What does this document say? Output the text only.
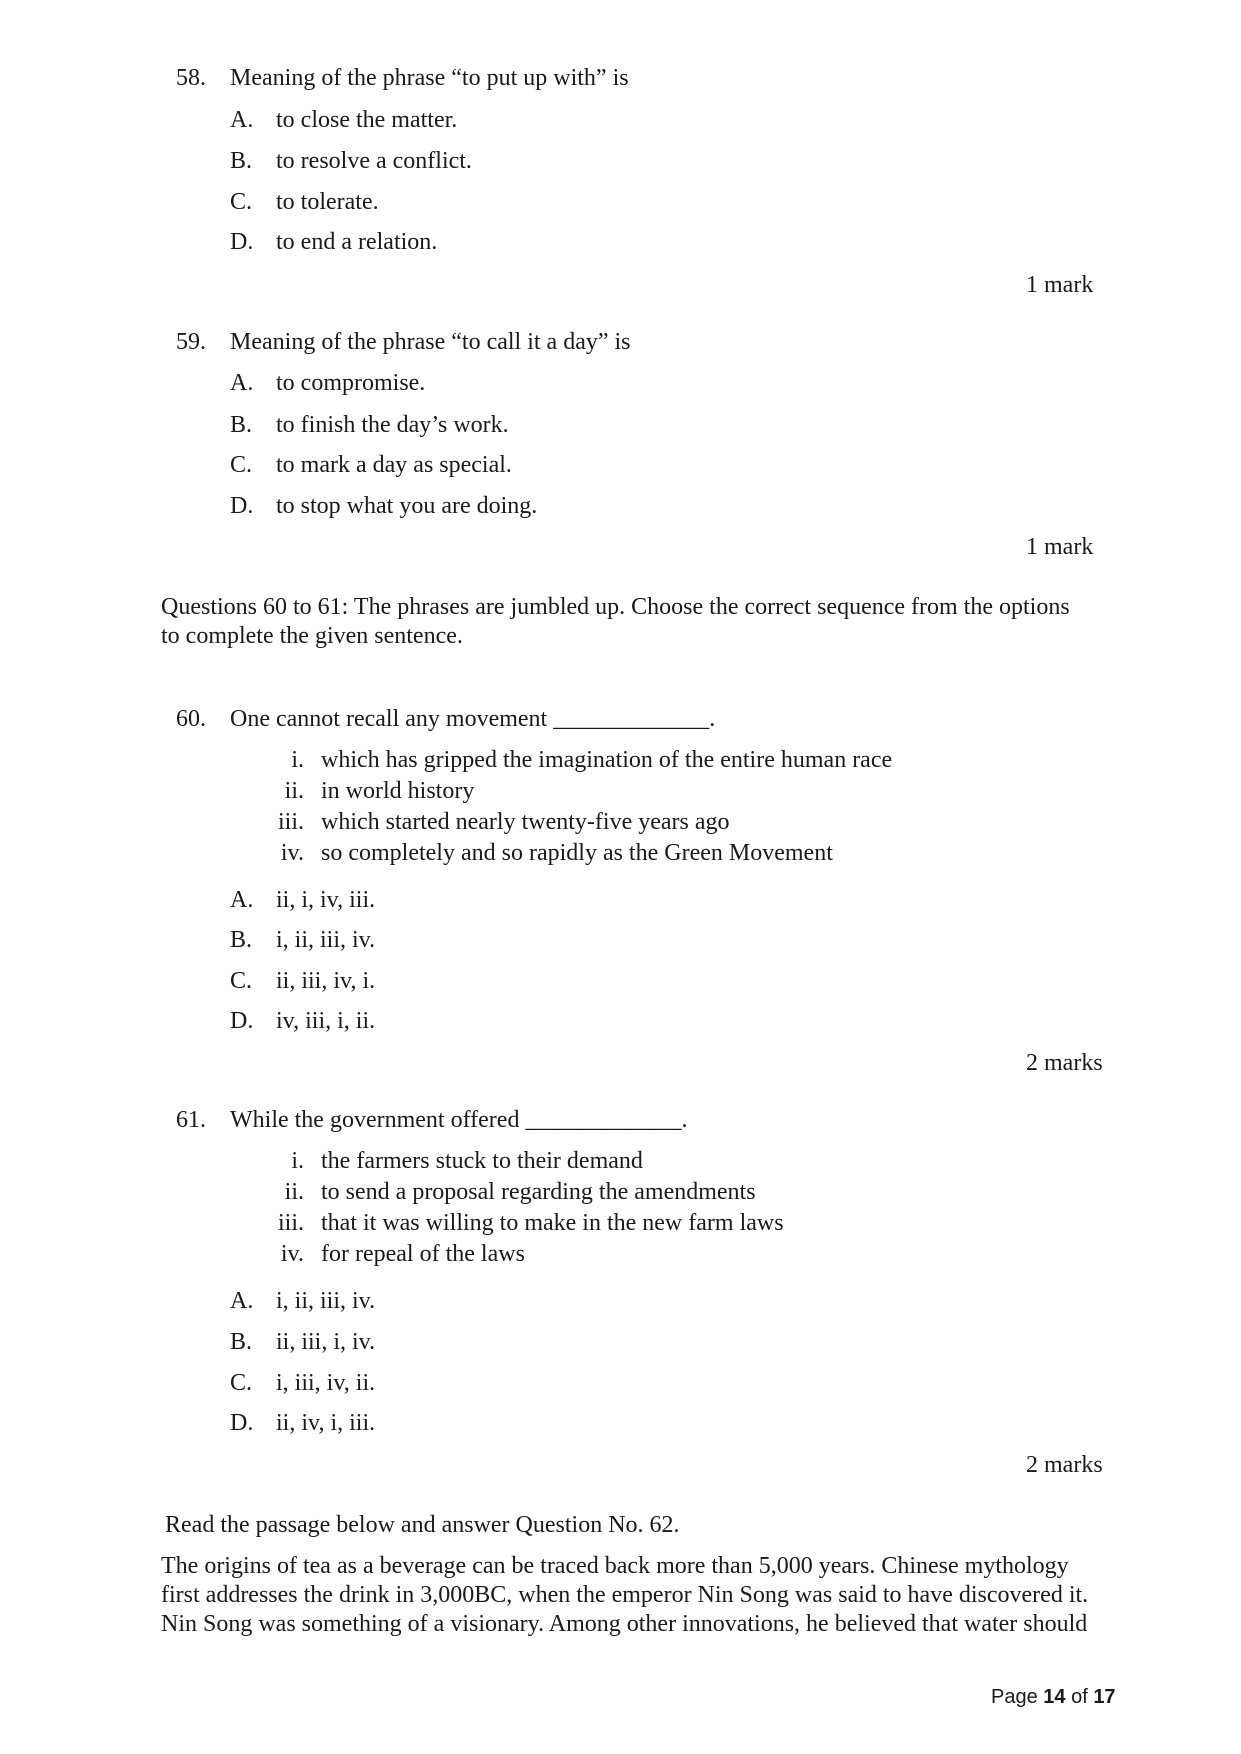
58.	Meaning of the phrase “to put up with” is
A. to close the matter.
B. to resolve a conflict.
C. to tolerate.
D. to end a relation.
1 mark
59.	Meaning of the phrase “to call it a day” is
A. to compromise.
B. to finish the day’s work.
C. to mark a day as special.
D. to stop what you are doing.
1 mark
Questions 60 to 61: The phrases are jumbled up. Choose the correct sequence from the options
to complete the given sentence.
60.	One cannot recall any movement _____________.
i. which has gripped the imagination of the entire human race
ii. in world history
iii. which started nearly twenty-five years ago
iv. so completely and so rapidly as the Green Movement
A. ii, i, iv, iii.
B. i, ii, iii, iv.
C. ii, iii, iv, i.
D. iv, iii, i, ii.
2 marks
61.	While the government offered _____________.
i. the farmers stuck to their demand
ii. to send a proposal regarding the amendments
iii. that it was willing to make in the new farm laws
iv. for repeal of the laws
A. i, ii, iii, iv.
B. ii, iii, i, iv.
C. i, iii, iv, ii.
D. ii, iv, i, iii.
2 marks
Read the passage below and answer Question No. 62.
The origins of tea as a beverage can be traced back more than 5,000 years. Chinese mythology
first addresses the drink in 3,000BC, when the emperor Nin Song was said to have discovered it.
Nin Song was something of a visionary. Among other innovations, he believed that water should
Page 14 of 17
